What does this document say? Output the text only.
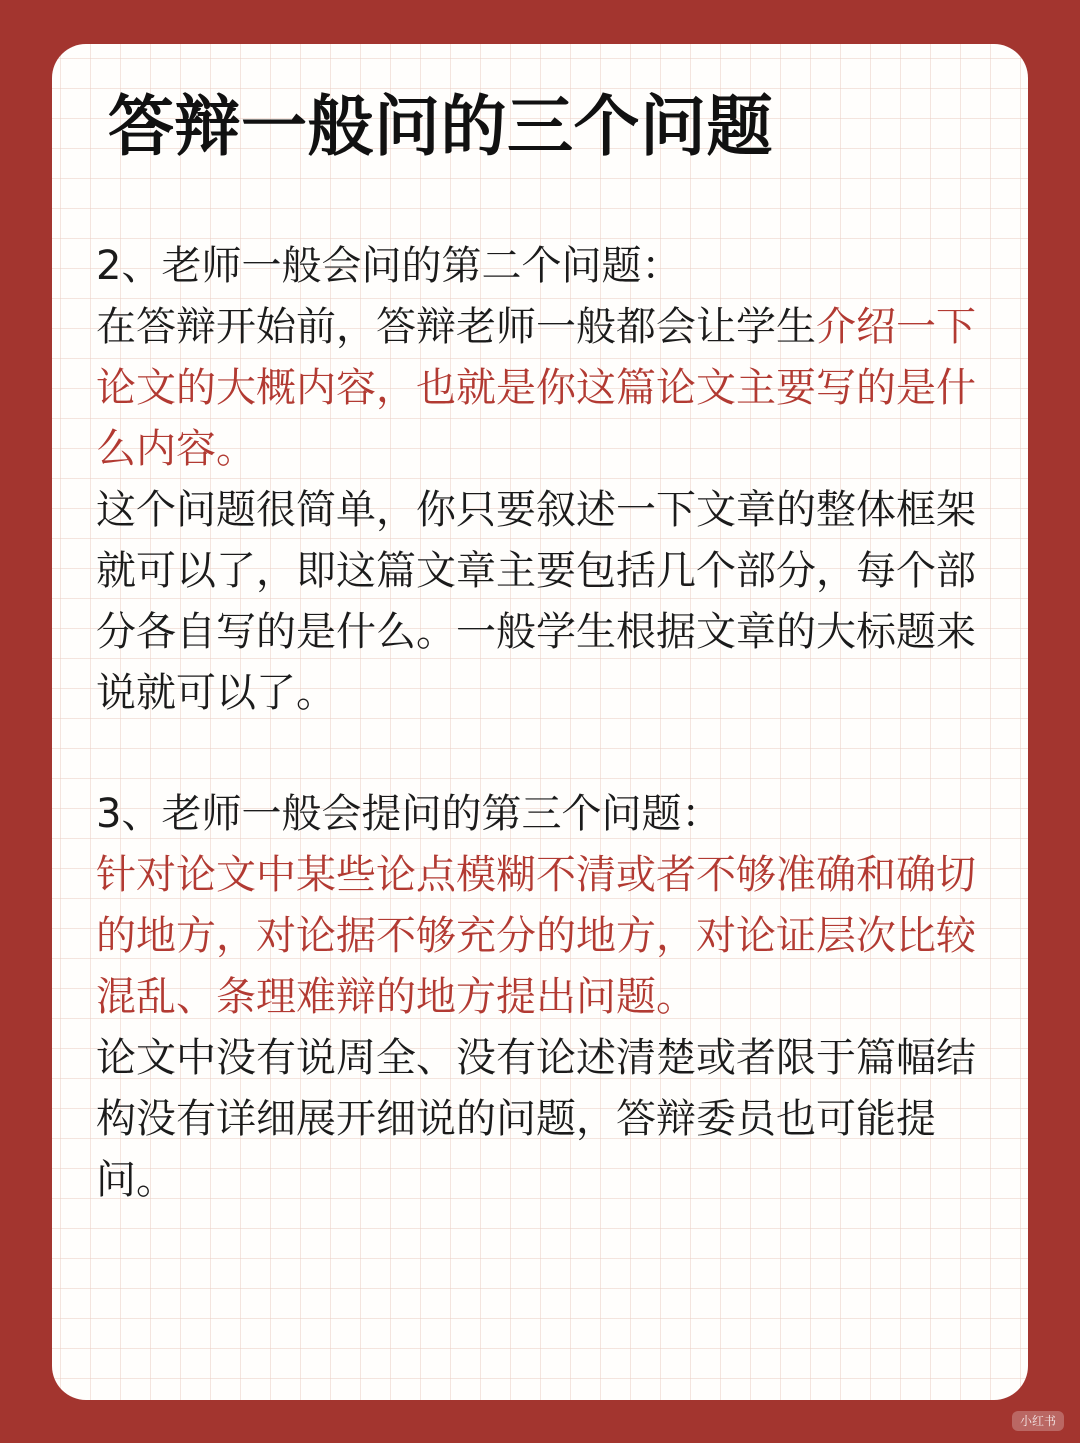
答辩一般问的三个问题

2、老师一般会问的第二个问题：

在答辩开始前，答辩老师一般都会让学生介绍一下论文的大概内容，也就是你这篇论文主要写的是什么内容。

这个问题很简单，你只要叙述一下文章的整体框架就可以了，即这篇文章主要包括几个部分，每个部分各自写的是什么。一般学生根据文章的大标题来说就可以了。

3、老师一般会提问的第三个问题：

针对论文中某些论点模糊不清或者不够准确和确切的地方，对论据不够充分的地方，对论证层次比较混乱、条理难辩的地方提出问题。

论文中没有说周全、没有论述清楚或者限于篇幅结构没有详细展开细说的问题，答辩委员也可能提问。

小红书
